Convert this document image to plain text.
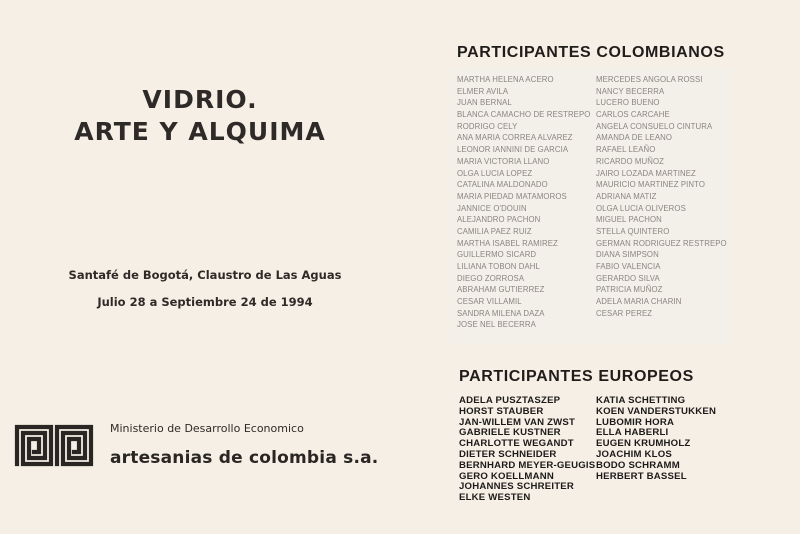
VIDRIO.
ARTE Y ALQUIMA
Santafé de Bogotá, Claustro de Las Aguas
Julio 28 a Septiembre 24 de 1994
Ministerio de Desarrollo Economico
artesanias de colombia s.a.
PARTICIPANTES COLOMBIANOS
MARTHA HELENA ACERO
ELMER AVILA
JUAN BERNAL
BLANCA CAMACHO DE RESTREPO
RODRIGO CELY
ANA MARIA CORREA ALVAREZ
LEONOR IANNINI DE GARCIA
MARIA VICTORIA LLANO
OLGA LUCIA LOPEZ
CATALINA MALDONADO
MARIA PIEDAD MATAMOROS
JANNICE O'DOUIN
ALEJANDRO PACHON
CAMILIA PAEZ RUIZ
MARTHA ISABEL RAMIREZ
GUILLERMO SICARD
LILIANA TOBON DAHL
DIEGO ZORROSA
ABRAHAM GUTIERREZ
CESAR VILLAMIL
SANDRA MILENA DAZA
JOSE NEL BECERRA
MERCEDES ANGOLA ROSSI
NANCY BECERRA
LUCERO BUENO
CARLOS CARCAHE
ANGELA CONSUELO CINTURA
AMANDA DE LEANO
RAFAEL LEAÑO
RICARDO MUÑOZ
JAIRO LOZADA MARTINEZ
MAURICIO MARTINEZ PINTO
ADRIANA MATIZ
OLGA LUCIA OLIVEROS
MIGUEL PACHON
STELLA QUINTERO
GERMAN RODRIGUEZ RESTREPO
DIANA SIMPSON
FABIO VALENCIA
GERARDO SILVA
PATRICIA MUÑOZ
ADELA MARIA CHARIN
CESAR PEREZ
PARTICIPANTES EUROPEOS
ADELA PUSZTASZEP
HORST STAUBER
JAN-WILLEM VAN ZWST
GABRIELE KUSTNER
CHARLOTTE WEGANDT
DIETER SCHNEIDER
BERNHARD MEYER-GEUGIS
GERO KOELLMANN
JOHANNES SCHREITER
ELKE WESTEN
KATIA SCHETTING
KOEN VANDERSTUKKEN
LUBOMIR HORA
ELLA HABERLI
EUGEN KRUMHOLZ
JOACHIM KLOS
BODO SCHRAMM
HERBERT BASSEL
